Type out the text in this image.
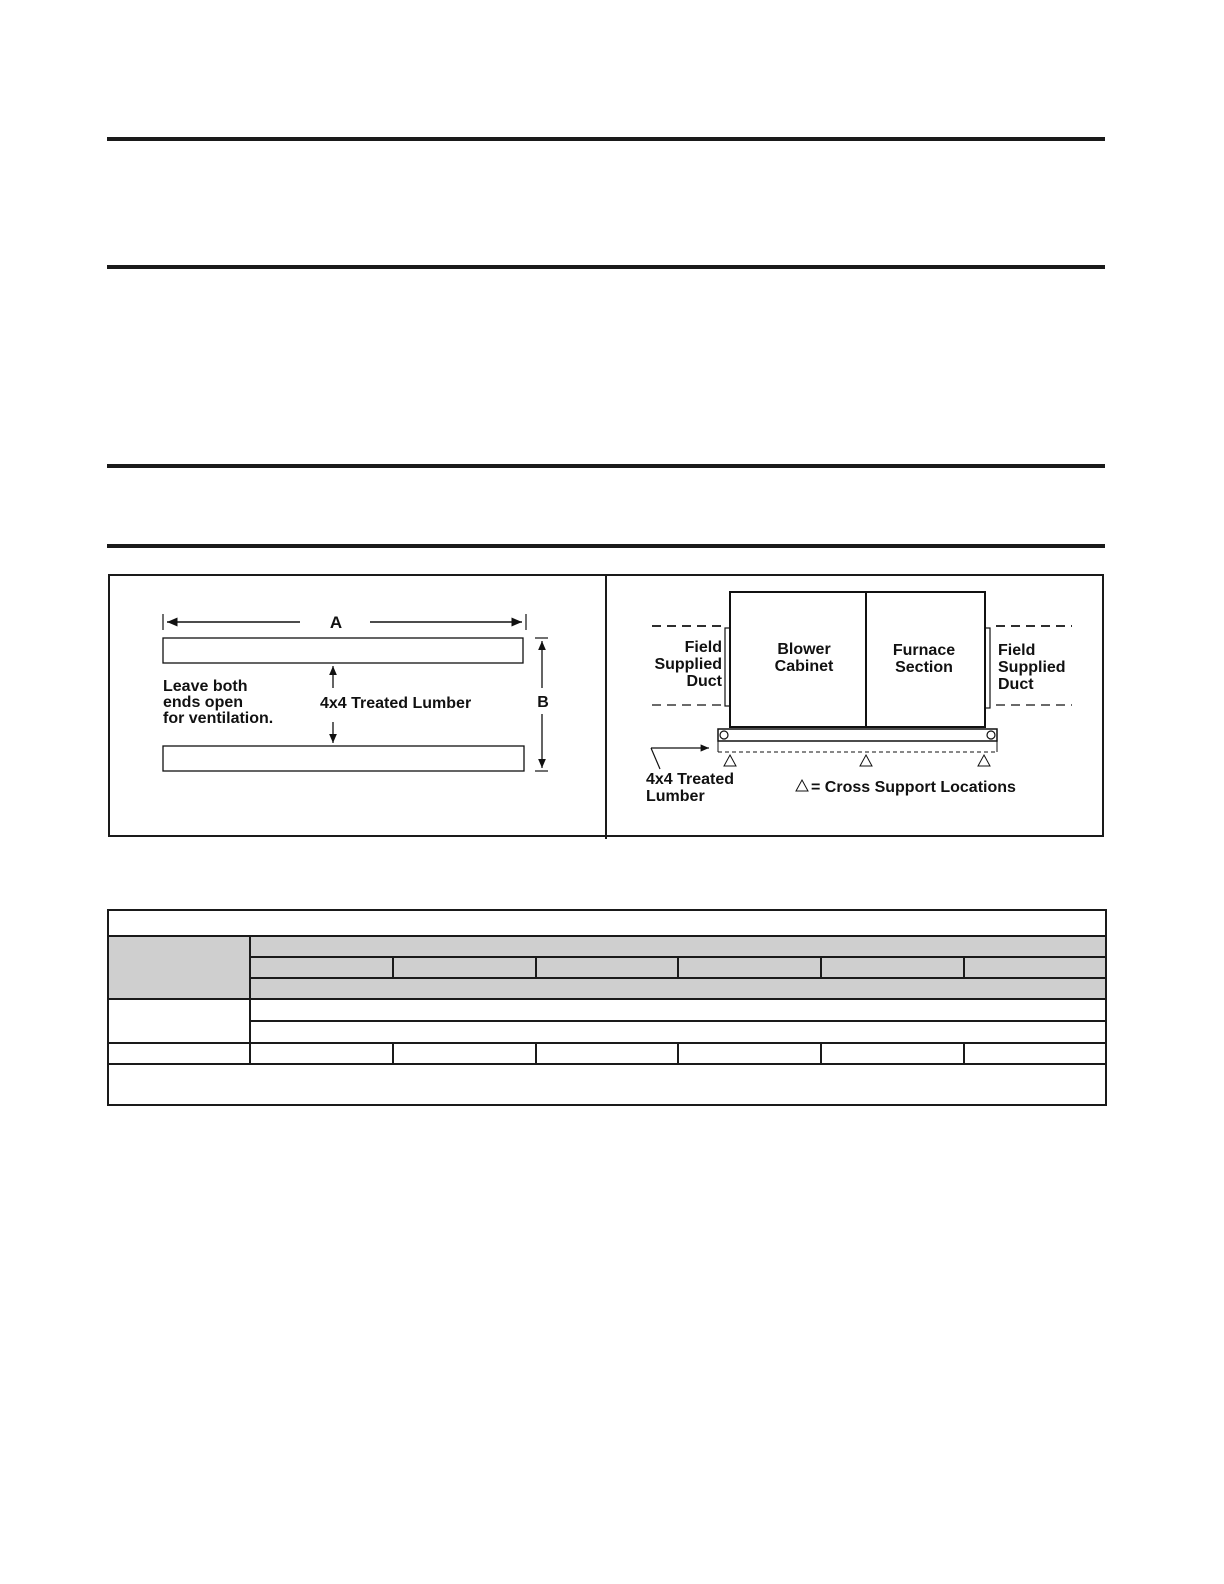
A
B
Leave both
ends open
for ventilation.
4x4 Treated Lumber
Field
Supplied
Duct
Blower
Cabinet
Furnace
Section
Field
Supplied
Duct
4x4 Treated
Lumber
= Cross Support Locations
